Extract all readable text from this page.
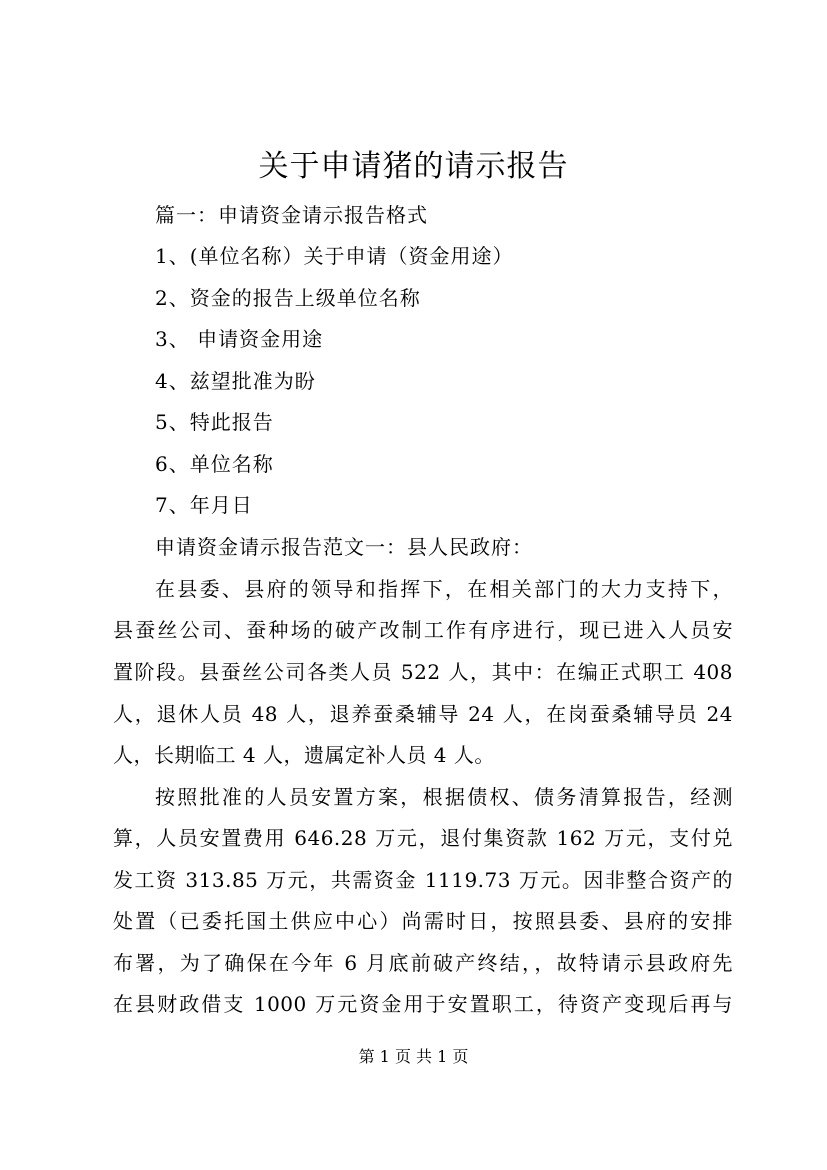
关于申请猪的请示报告

篇一：申请资金请示报告格式

1、(单位名称）关于申请（资金用途）

2、资金的报告上级单位名称

3、 申请资金用途

4、兹望批准为盼

5、特此报告

6、单位名称

7、年月日

申请资金请示报告范文一：县人民政府：

在县委、县府的领导和指挥下，在相关部门的大力支持下，

县蚕丝公司、蚕种场的破产改制工作有序进行，现已进入人员安

置阶段。县蚕丝公司各类人员 522 人，其中：在编正式职工 408

人，退休人员 48 人，退养蚕桑辅导 24 人，在岗蚕桑辅导员 24

人，长期临工 4 人，遗属定补人员 4 人。

按照批准的人员安置方案，根据债权、债务清算报告，经测

算，人员安置费用 646.28 万元，退付集资款 162 万元，支付兑

发工资 313.85 万元，共需资金 1119.73 万元。因非整合资产的

处置（已委托国土供应中心）尚需时日，按照县委、县府的安排

布署，为了确保在今年 6 月底前破产终结，，故特请示县政府先

在县财政借支 1000 万元资金用于安置职工，待资产变现后再与

第 1 页 共 1 页
